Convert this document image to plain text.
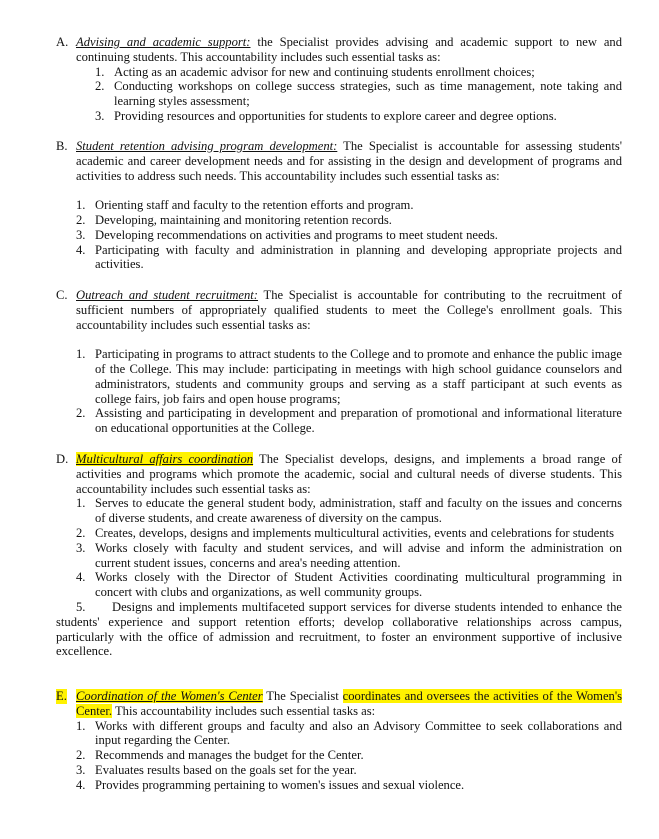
A. Advising and academic support: the Specialist provides advising and academic support to new and continuing students. This accountability includes such essential tasks as:
1. Acting as an academic advisor for new and continuing students enrollment choices;
2. Conducting workshops on college success strategies, such as time management, note taking and learning styles assessment;
3. Providing resources and opportunities for students to explore career and degree options.
B. Student retention advising program development: The Specialist is accountable for assessing students' academic and career development needs and for assisting in the design and development of programs and activities to address such needs. This accountability includes such essential tasks as:
1. Orienting staff and faculty to the retention efforts and program.
2. Developing, maintaining and monitoring retention records.
3. Developing recommendations on activities and programs to meet student needs.
4. Participating with faculty and administration in planning and developing appropriate projects and activities.
C. Outreach and student recruitment: The Specialist is accountable for contributing to the recruitment of sufficient numbers of appropriately qualified students to meet the College's enrollment goals. This accountability includes such essential tasks as:
1. Participating in programs to attract students to the College and to promote and enhance the public image of the College. This may include: participating in meetings with high school guidance counselors and administrators, students and community groups and serving as a staff participant at such events as college fairs, job fairs and open house programs;
2. Assisting and participating in development and preparation of promotional and informational literature on educational opportunities at the College.
D. Multicultural affairs coordination The Specialist develops, designs, and implements a broad range of activities and programs which promote the academic, social and cultural needs of diverse students. This accountability includes such essential tasks as:
1. Serves to educate the general student body, administration, staff and faculty on the issues and concerns of diverse students, and create awareness of diversity on the campus.
2. Creates, develops, designs and implements multicultural activities, events and celebrations for students
3. Works closely with faculty and student services, and will advise and inform the administration on current student issues, concerns and area's needing attention.
4. Works closely with the Director of Student Activities coordinating multicultural programming in concert with clubs and organizations, as well community groups.
5. Designs and implements multifaceted support services for diverse students intended to enhance the students' experience and support retention efforts; develop collaborative relationships across campus, particularly with the office of admission and recruitment, to foster an environment supportive of inclusive excellence.
E. Coordination of the Women's Center The Specialist coordinates and oversees the activities of the Women's Center. This accountability includes such essential tasks as:
1. Works with different groups and faculty and also an Advisory Committee to seek collaborations and input regarding the Center.
2. Recommends and manages the budget for the Center.
3. Evaluates results based on the goals set for the year.
4. Provides programming pertaining to women's issues and sexual violence.
